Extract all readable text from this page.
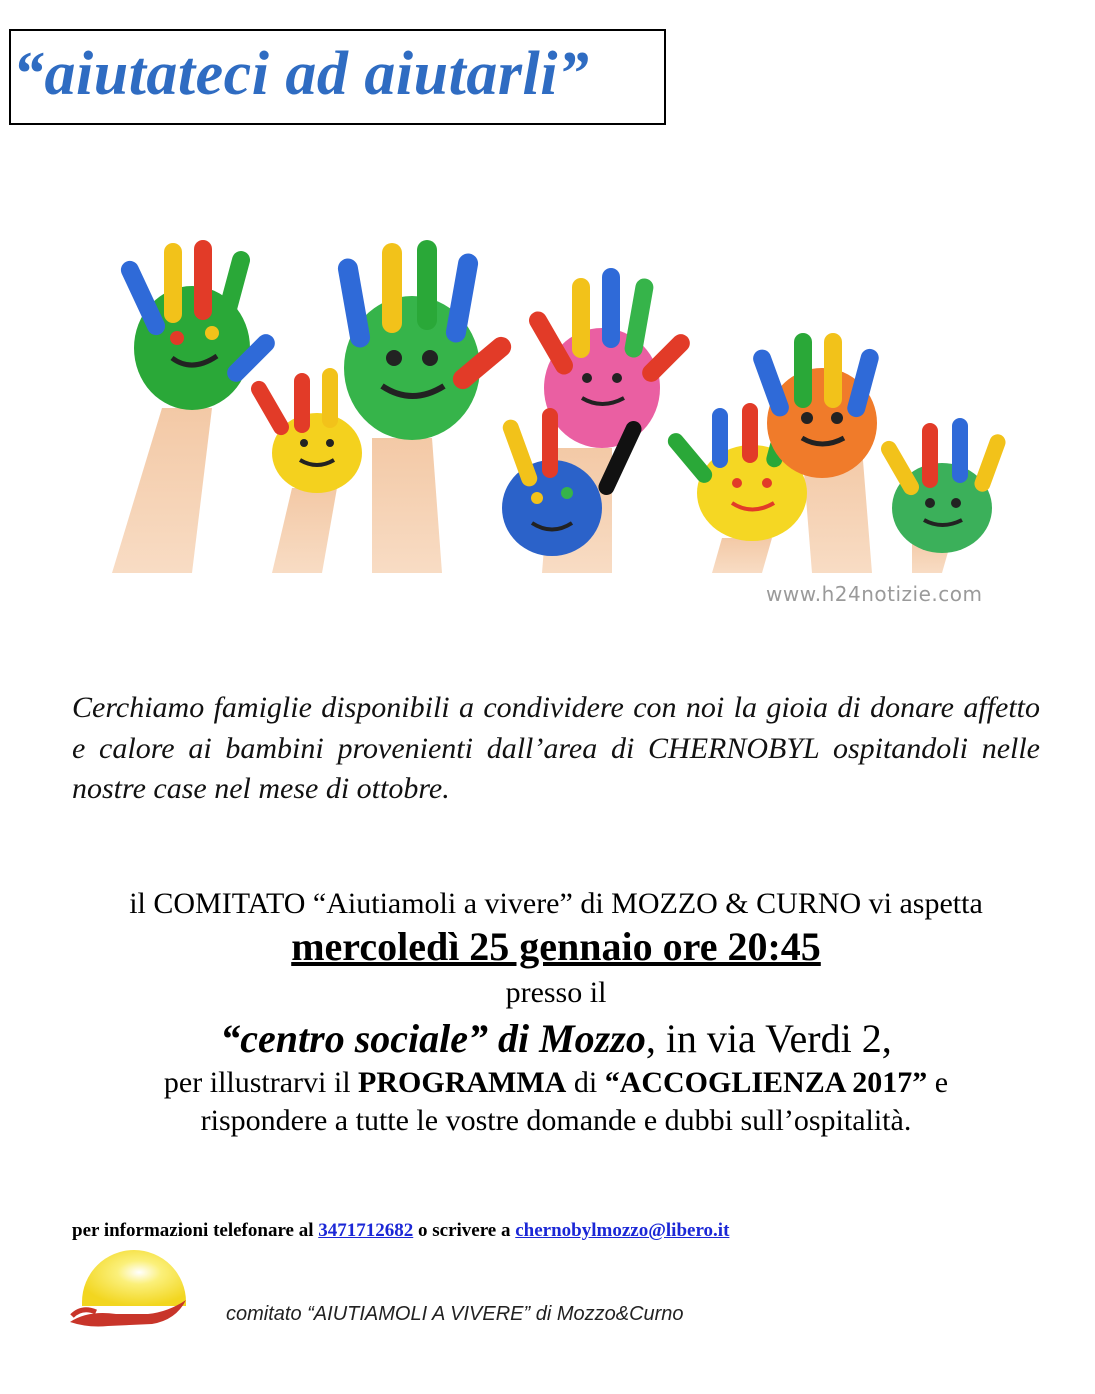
“aiutateci ad aiutarli”
www.h24notizie.com
Cerchiamo famiglie disponibili a condividere con noi la gioia di donare affetto e calore ai bambini provenienti dall’area di CHERNOBYL ospitandoli nelle nostre case nel mese di ottobre.
il COMITATO “Aiutiamoli a vivere” di MOZZO & CURNO vi aspetta
mercoledì 25 gennaio ore 20:45
presso il
“centro sociale” di Mozzo, in via Verdi 2,
per illustrarvi il PROGRAMMA di “ACCOGLIENZA 2017” e
rispondere a tutte le vostre domande e dubbi sull’ospitalità.
per informazioni telefonare al 3471712682 o scrivere a chernobylmozzo@libero.it
comitato “AIUTIAMOLI A VIVERE” di Mozzo&Curno
